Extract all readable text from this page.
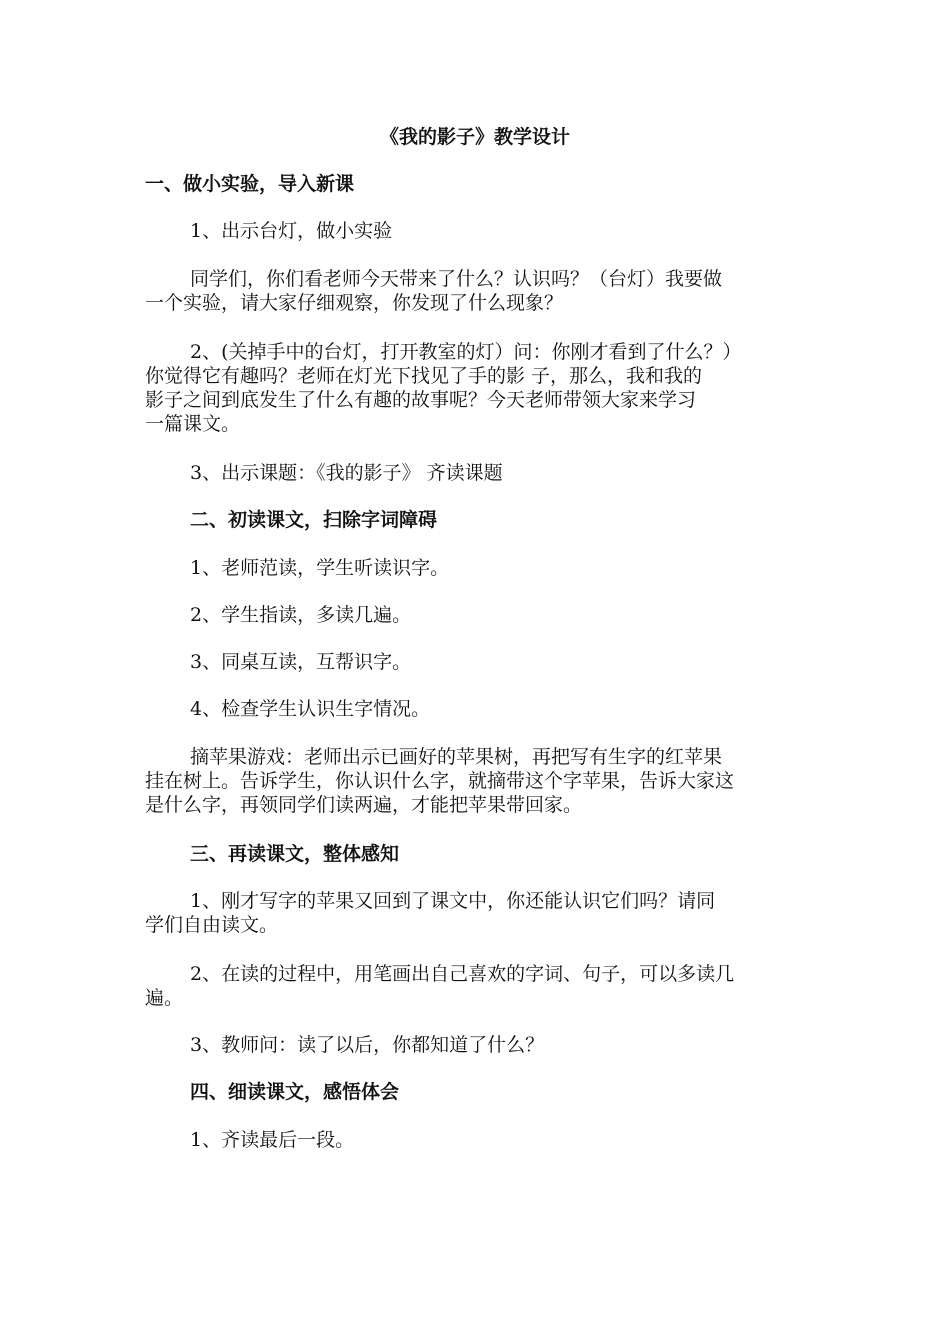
《我的影子》教学设计
一、做小实验，导入新课
1、出示台灯，做小实验
同学们，你们看老师今天带来了什么？认识吗？（台灯）我要做
一个实验，请大家仔细观察，你发现了什么现象？
2、(关掉手中的台灯，打开教室的灯）问：你刚才看到了什么？）
你觉得它有趣吗？老师在灯光下找见了手的影 子，那么，我和我的
影子之间到底发生了什么有趣的故事呢？今天老师带领大家来学习
一篇课文。
3、出示课题：《我的影子》 齐读课题
二、初读课文，扫除字词障碍
1、老师范读，学生听读识字。
2、学生指读，多读几遍。
3、同桌互读，互帮识字。
4、检查学生认识生字情况。
摘苹果游戏：老师出示已画好的苹果树，再把写有生字的红苹果
挂在树上。告诉学生，你认识什么字，就摘带这个字苹果，告诉大家这
是什么字，再领同学们读两遍，才能把苹果带回家。
三、再读课文，整体感知
1、刚才写字的苹果又回到了课文中，你还能认识它们吗？请同
学们自由读文。
2、在读的过程中，用笔画出自己喜欢的字词、句子，可以多读几
遍。
3、教师问：读了以后，你都知道了什么？
四、细读课文，感悟体会
1、齐读最后一段。
